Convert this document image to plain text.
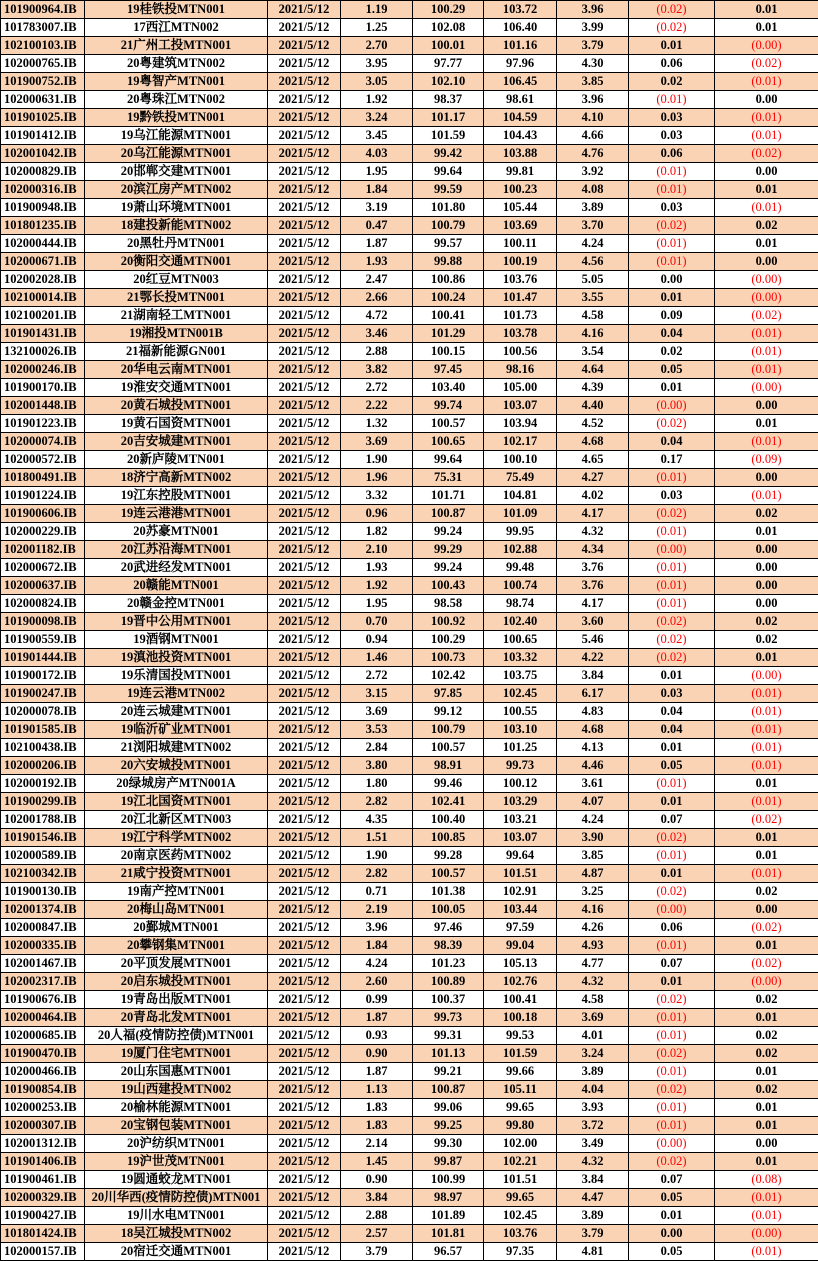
101900964.IB	19桂铁投MTN001	2021/5/12	1.19	100.29	103.72	3.96	(0.02)	0.01
101783007.IB	17西江MTN002	2021/5/12	1.25	102.08	106.40	3.99	(0.02)	0.01
102100103.IB	21广州工投MTN001	2021/5/12	2.70	100.01	101.16	3.79	0.01	(0.00)
102000765.IB	20粤建筑MTN002	2021/5/12	3.95	97.77	97.96	4.30	0.06	(0.02)
101900752.IB	19粤智产MTN001	2021/5/12	3.05	102.10	106.45	3.85	0.02	(0.01)
102000631.IB	20粤珠江MTN002	2021/5/12	1.92	98.37	98.61	3.96	(0.01)	0.00
101901025.IB	19黔铁投MTN001	2021/5/12	3.24	101.17	104.59	4.10	0.03	(0.01)
101901412.IB	19乌江能源MTN001	2021/5/12	3.45	101.59	104.43	4.66	0.03	(0.01)
102001042.IB	20乌江能源MTN001	2021/5/12	4.03	99.42	103.88	4.76	0.06	(0.02)
102000829.IB	20邯郸交建MTN001	2021/5/12	1.95	99.64	99.81	3.92	(0.01)	0.00
102000316.IB	20滨江房产MTN002	2021/5/12	1.84	99.59	100.23	4.08	(0.01)	0.01
101900948.IB	19萧山环境MTN001	2021/5/12	3.19	101.80	105.44	3.89	0.03	(0.01)
101801235.IB	18建投新能MTN002	2021/5/12	0.47	100.79	103.69	3.70	(0.02)	0.02
102000444.IB	20黑牡丹MTN001	2021/5/12	1.87	99.57	100.11	4.24	(0.01)	0.01
102000671.IB	20衡阳交通MTN001	2021/5/12	1.93	99.88	100.19	4.56	(0.01)	0.00
102002028.IB	20红豆MTN003	2021/5/12	2.47	100.86	103.76	5.05	0.00	(0.00)
102100014.IB	21鄂长投MTN001	2021/5/12	2.66	100.24	101.47	3.55	0.01	(0.00)
102100201.IB	21湖南轻工MTN001	2021/5/12	4.72	100.41	101.73	4.58	0.09	(0.02)
101901431.IB	19湘投MTN001B	2021/5/12	3.46	101.29	103.78	4.16	0.04	(0.01)
132100026.IB	21福新能源GN001	2021/5/12	2.88	100.15	100.56	3.54	0.02	(0.01)
102000246.IB	20华电云南MTN001	2021/5/12	3.82	97.45	98.16	4.64	0.05	(0.01)
101900170.IB	19淮安交通MTN001	2021/5/12	2.72	103.40	105.00	4.39	0.01	(0.00)
102001448.IB	20黄石城投MTN001	2021/5/12	2.22	99.74	103.07	4.40	(0.00)	0.00
101901223.IB	19黄石国资MTN001	2021/5/12	1.32	100.57	103.94	4.52	(0.02)	0.01
102000074.IB	20吉安城建MTN001	2021/5/12	3.69	100.65	102.17	4.68	0.04	(0.01)
102000572.IB	20新庐陵MTN001	2021/5/12	1.90	99.64	100.10	4.65	0.17	(0.09)
101800491.IB	18济宁高新MTN002	2021/5/12	1.96	75.31	75.49	4.27	(0.01)	0.00
101901224.IB	19江东控股MTN001	2021/5/12	3.32	101.71	104.81	4.02	0.03	(0.01)
101900606.IB	19连云港港MTN001	2021/5/12	0.96	100.87	101.09	4.17	(0.02)	0.02
102000229.IB	20苏豪MTN001	2021/5/12	1.82	99.24	99.95	4.32	(0.01)	0.01
102001182.IB	20江苏沿海MTN001	2021/5/12	2.10	99.29	102.88	4.34	(0.00)	0.00
102000672.IB	20武进经发MTN001	2021/5/12	1.93	99.24	99.48	3.76	(0.01)	0.00
102000637.IB	20赣能MTN001	2021/5/12	1.92	100.43	100.74	3.76	(0.01)	0.00
102000824.IB	20赣金控MTN001	2021/5/12	1.95	98.58	98.74	4.17	(0.01)	0.00
101900098.IB	19晋中公用MTN001	2021/5/12	0.70	100.92	102.40	3.60	(0.02)	0.02
101900559.IB	19酒钢MTN001	2021/5/12	0.94	100.29	100.65	5.46	(0.02)	0.02
101901444.IB	19滇池投资MTN001	2021/5/12	1.46	100.73	103.32	4.22	(0.02)	0.01
101900172.IB	19乐清国投MTN001	2021/5/12	2.72	102.42	103.75	3.84	0.01	(0.00)
101900247.IB	19连云港MTN002	2021/5/12	3.15	97.85	102.45	6.17	0.03	(0.01)
102000078.IB	20连云城建MTN001	2021/5/12	3.69	99.12	100.55	4.83	0.04	(0.01)
101901585.IB	19临沂矿业MTN001	2021/5/12	3.53	100.79	103.10	4.68	0.04	(0.01)
102100438.IB	21浏阳城建MTN002	2021/5/12	2.84	100.57	101.25	4.13	0.01	(0.01)
102000206.IB	20六安城投MTN001	2021/5/12	3.80	98.91	99.73	4.46	0.05	(0.01)
102000192.IB	20绿城房产MTN001A	2021/5/12	1.80	99.46	100.12	3.61	(0.01)	0.01
101900299.IB	19江北国资MTN001	2021/5/12	2.82	102.41	103.29	4.07	0.01	(0.01)
102001788.IB	20江北新区MTN003	2021/5/12	4.35	100.40	103.21	4.24	0.07	(0.02)
101901546.IB	19江宁科学MTN002	2021/5/12	1.51	100.85	103.07	3.90	(0.02)	0.01
102000589.IB	20南京医药MTN002	2021/5/12	1.90	99.28	99.64	3.85	(0.01)	0.01
102100342.IB	21咸宁投资MTN001	2021/5/12	2.82	100.57	101.51	4.87	0.01	(0.01)
101900130.IB	19南产控MTN001	2021/5/12	0.71	101.38	102.91	3.25	(0.02)	0.02
102001374.IB	20梅山岛MTN001	2021/5/12	2.19	100.05	103.44	4.16	(0.00)	0.00
102000847.IB	20鄞城MTN001	2021/5/12	3.96	97.46	97.59	4.26	0.06	(0.02)
102000335.IB	20攀钢集MTN001	2021/5/12	1.84	98.39	99.04	4.93	(0.01)	0.01
102001467.IB	20平顶发展MTN001	2021/5/12	4.24	101.23	105.13	4.77	0.07	(0.02)
102002317.IB	20启东城投MTN001	2021/5/12	2.60	100.89	102.76	4.32	0.01	(0.00)
101900676.IB	19青岛出版MTN001	2021/5/12	0.99	100.37	100.41	4.58	(0.02)	0.02
102000464.IB	20青岛北发MTN001	2021/5/12	1.87	99.73	100.18	3.69	(0.01)	0.01
102000685.IB	20人福(疫情防控债)MTN001	2021/5/12	0.93	99.31	99.53	4.01	(0.01)	0.02
101900470.IB	19厦门住宅MTN001	2021/5/12	0.90	101.13	101.59	3.24	(0.02)	0.02
102000466.IB	20山东国惠MTN001	2021/5/12	1.87	99.21	99.66	3.89	(0.01)	0.01
101900854.IB	19山西建投MTN002	2021/5/12	1.13	100.87	105.11	4.04	(0.02)	0.02
102000253.IB	20榆林能源MTN001	2021/5/12	1.83	99.06	99.65	3.93	(0.01)	0.01
102000307.IB	20宝钢包装MTN001	2021/5/12	1.83	99.25	99.80	3.72	(0.01)	0.01
102001312.IB	20沪纺织MTN001	2021/5/12	2.14	99.30	102.00	3.49	(0.00)	0.00
101901406.IB	19沪世茂MTN001	2021/5/12	1.45	99.87	102.21	4.32	(0.02)	0.01
101900461.IB	19圆通蛟龙MTN001	2021/5/12	0.90	100.99	101.51	3.84	0.07	(0.08)
102000329.IB	20川华西(疫情防控债)MTN001	2021/5/12	3.84	98.97	99.65	4.47	0.05	(0.01)
101900427.IB	19川水电MTN001	2021/5/12	2.88	101.89	102.45	3.89	0.01	(0.01)
101801424.IB	18吴江城投MTN002	2021/5/12	2.57	101.81	103.76	3.79	0.00	(0.00)
102000157.IB	20宿迁交通MTN001	2021/5/12	3.79	96.57	97.35	4.81	0.05	(0.01)
